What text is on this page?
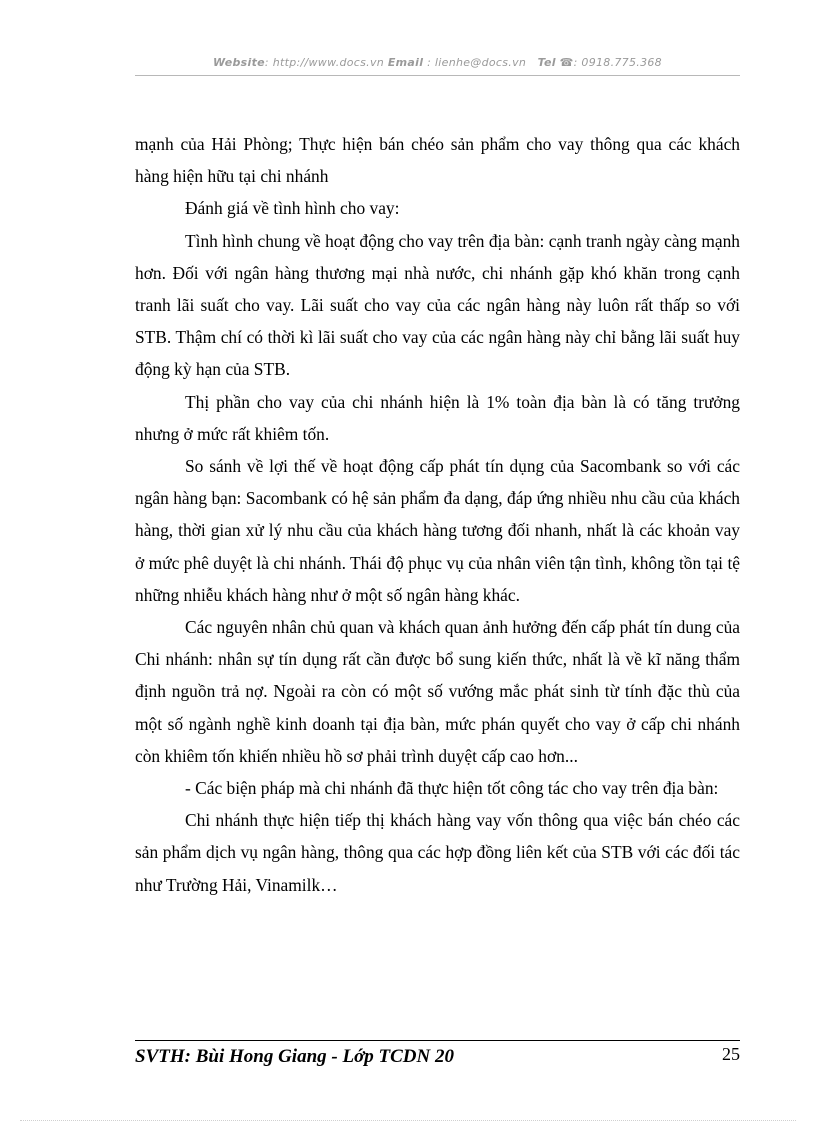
Website: http://www.docs.vn Email : lienhe@docs.vn Tel ☎: 0918.775.368

mạnh của Hải Phòng; Thực hiện bán chéo sản phẩm cho vay thông qua các khách hàng hiện hữu tại chi nhánh

Đánh giá về tình hình cho vay:

Tình hình chung về hoạt động cho vay trên địa bàn: cạnh tranh ngày càng mạnh hơn. Đối với ngân hàng thương mại nhà nước, chi nhánh gặp khó khăn trong cạnh tranh lãi suất cho vay. Lãi suất cho vay của các ngân hàng này luôn rất thấp so với STB. Thậm chí có thời kì lãi suất cho vay của các ngân hàng này chỉ bằng lãi suất huy động kỳ hạn của STB.

Thị phần cho vay của chi nhánh hiện là 1% toàn địa bàn là có tăng trưởng nhưng ở mức rất khiêm tốn.

So sánh về lợi thế về hoạt động cấp phát tín dụng của Sacombank so với các ngân hàng bạn: Sacombank có hệ sản phẩm đa dạng, đáp ứng nhiều nhu cầu của khách hàng, thời gian xử lý nhu cầu của khách hàng tương đối nhanh, nhất là các khoản vay ở mức phê duyệt là chi nhánh. Thái độ phục vụ của nhân viên tận tình, không tồn tại tệ những nhiễu khách hàng như ở một số ngân hàng khác.

Các nguyên nhân chủ quan và khách quan ảnh hưởng đến cấp phát tín dung của Chi nhánh: nhân sự tín dụng rất cần được bổ sung kiến thức, nhất là về kĩ năng thẩm định nguồn trả nợ. Ngoài ra còn có một số vướng mắc phát sinh từ tính đặc thù của một số ngành nghề kinh doanh tại địa bàn, mức phán quyết cho vay ở cấp chi nhánh còn khiêm tốn khiến nhiều hồ sơ phải trình duyệt cấp cao hơn...

- Các biện pháp mà chi nhánh đã thực hiện tốt công tác cho vay trên địa bàn:

Chi nhánh thực hiện tiếp thị khách hàng vay vốn thông qua việc bán chéo các sản phẩm dịch vụ ngân hàng, thông qua các hợp đồng liên kết của STB với các đối tác như Trường Hải, Vinamilk…

SVTH: Bùi Hong Giang - Lớp TCDN 20	25
